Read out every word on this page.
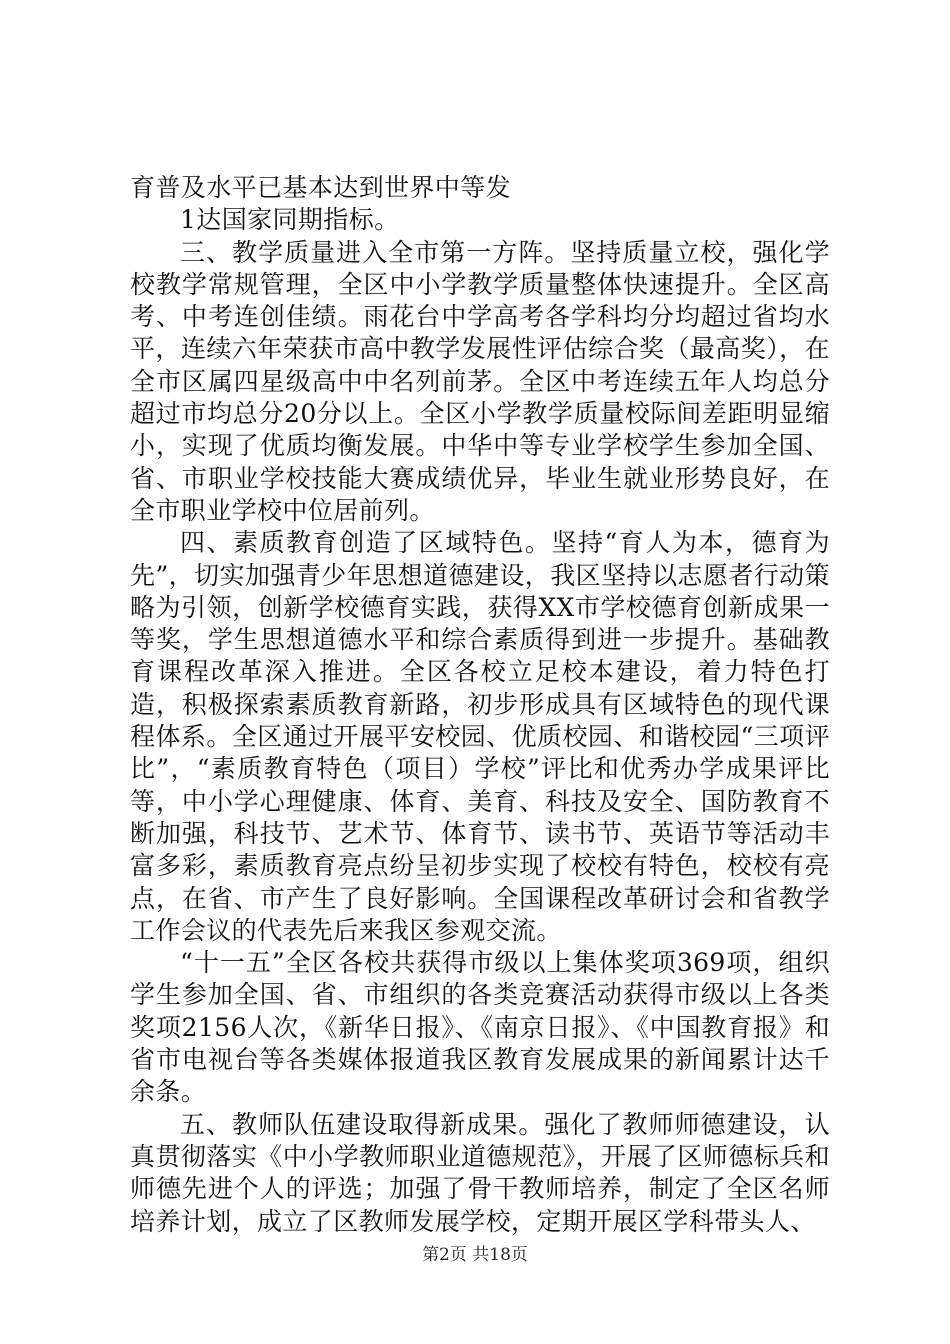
育普及水平已基本达到世界中等发

1达国家同期指标。

三、教学质量进入全市第一方阵。坚持质量立校，强化学校教学常规管理，全区中小学教学质量整体快速提升。全区高考、中考连创佳绩。雨花台中学高考各学科均分均超过省均水平，连续六年荣获市高中教学发展性评估综合奖（最高奖），在全市区属四星级高中中名列前茅。全区中考连续五年人均总分超过市均总分20分以上。全区小学教学质量校际间差距明显缩小，实现了优质均衡发展。中华中等专业学校学生参加全国、省、市职业学校技能大赛成绩优异，毕业生就业形势良好，在全市职业学校中位居前列。

四、素质教育创造了区域特色。坚持“育人为本，德育为先”，切实加强青少年思想道德建设，我区坚持以志愿者行动策略为引领，创新学校德育实践，获得XX市学校德育创新成果一等奖，学生思想道德水平和综合素质得到进一步提升。基础教育课程改革深入推进。全区各校立足校本建设，着力特色打造，积极探索素质教育新路，初步形成具有区域特色的现代课程体系。全区通过开展平安校园、优质校园、和谐校园“三项评比”，“素质教育特色（项目）学校”评比和优秀办学成果评比等，中小学心理健康、体育、美育、科技及安全、国防教育不断加强，科技节、艺术节、体育节、读书节、英语节等活动丰富多彩，素质教育亮点纷呈初步实现了校校有特色，校校有亮点，在省、市产生了良好影响。全国课程改革研讨会和省教学工作会议的代表先后来我区参观交流。

“十一五”全区各校共获得市级以上集体奖项369项，组织学生参加全国、省、市组织的各类竞赛活动获得市级以上各类奖项2156人次，《新华日报》、《南京日报》、《中国教育报》和省市电视台等各类媒体报道我区教育发展成果的新闻累计达千余条。

五、教师队伍建设取得新成果。强化了教师师德建设，认真贯彻落实《中小学教师职业道德规范》，开展了区师德标兵和师德先进个人的评选；加强了骨干教师培养，制定了全区名师培养计划，成立了区教师发展学校，定期开展区学科带头人、

第2页 共18页
